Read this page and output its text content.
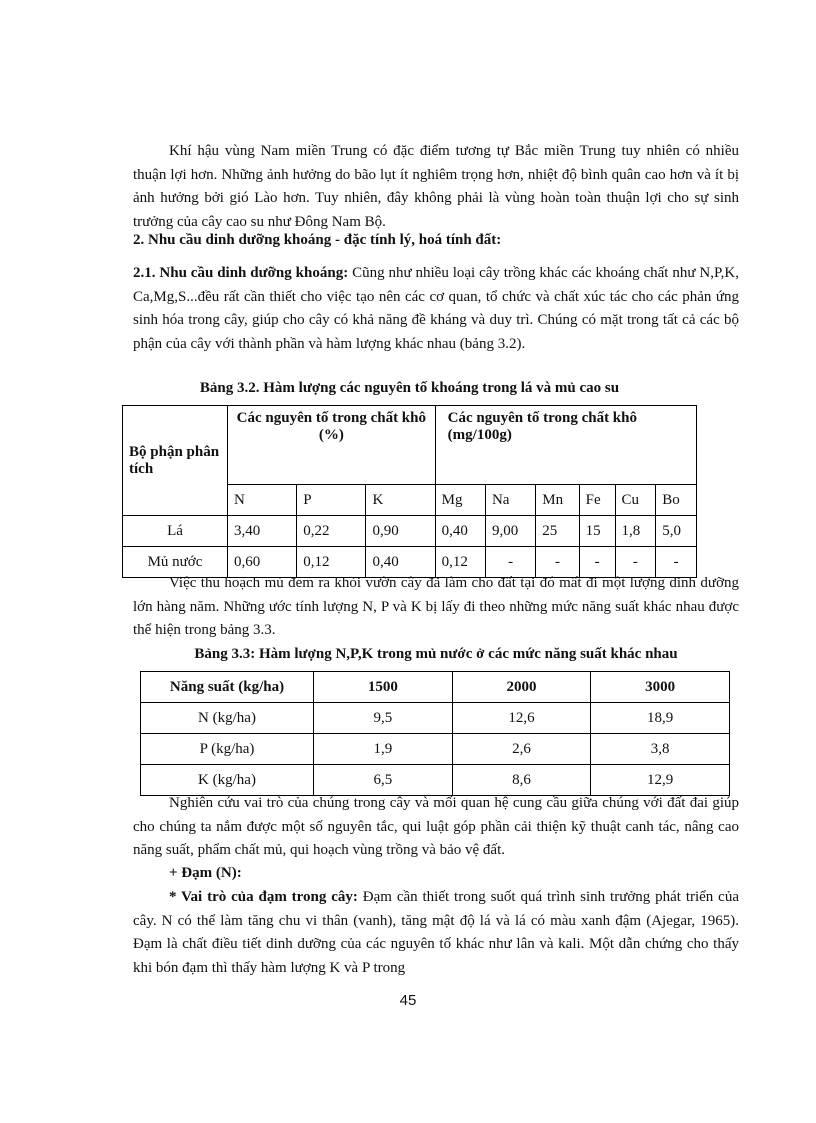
Khí hậu vùng Nam miền Trung có đặc điểm tương tự Bắc miền Trung tuy nhiên có nhiều thuận lợi hơn. Những ảnh hưởng do bão lụt ít nghiêm trọng hơn, nhiệt độ bình quân cao hơn và ít bị ảnh hưởng bởi gió Lào hơn. Tuy nhiên, đây không phải là vùng hoàn toàn thuận lợi cho sự sinh trưởng của cây cao su như Đông Nam Bộ.

2. Nhu cầu dinh dưỡng khoáng - đặc tính lý, hoá tính đất:

2.1. Nhu cầu dinh dưỡng khoáng: Cũng như nhiều loại cây trồng khác các khoáng chất như N,P,K, Ca,Mg,S...đều rất cần thiết cho việc tạo nên các cơ quan, tổ chức và chất xúc tác cho các phản ứng sinh hóa trong cây, giúp cho cây có khả năng đề kháng và duy trì. Chúng có mặt trong tất cả các bộ phận của cây với thành phần và hàm lượng khác nhau (bảng 3.2).

Bảng 3.2. Hàm lượng các nguyên tố khoáng trong lá và mủ cao su
Bộ phận phân tích	Các nguyên tố trong chất khô (%)			Các nguyên tố trong chất khô (mg/100g)					
	N	P	K	Mg	Na	Mn	Fe	Cu	Bo
Lá	3,40	0,22	0,90	0,40	9,00	25	15	1,8	5,0
Mủ nước	0,60	0,12	0,40	0,12	-	-	-	-	-

Việc thu hoạch mủ đem ra khỏi vườn cây đã làm cho đất tại đó mất đi một lượng dinh dưỡng lớn hàng năm. Những ước tính lượng N, P và K bị lấy đi theo những mức năng suất khác nhau được thể hiện trong bảng 3.3.

Bảng 3.3: Hàm lượng N,P,K trong mủ nước ở các mức năng suất khác nhau
Năng suất (kg/ha)	1500	2000	3000
N (kg/ha)	9,5	12,6	18,9
P (kg/ha)	1,9	2,6	3,8
K (kg/ha)	6,5	8,6	12,9

Nghiên cứu vai trò của chúng trong cây và mối quan hệ cung cầu giữa chúng với đất đai giúp cho chúng ta nắm được một số nguyên tắc, qui luật góp phần cải thiện kỹ thuật canh tác, nâng cao năng suất, phẩm chất mủ, qui hoạch vùng trồng và bảo vệ đất.

+ Đạm (N):

* Vai trò của đạm trong cây: Đạm cần thiết trong suốt quá trình sinh trưởng phát triển của cây. N có thể làm tăng chu vi thân (vanh), tăng mật độ lá và lá có màu xanh đậm (Ajegar, 1965). Đạm là chất điều tiết dinh dưỡng của các nguyên tố khác như lân và kali. Một dẫn chứng cho thấy khi bón đạm thì thấy hàm lượng K và P trong

45
